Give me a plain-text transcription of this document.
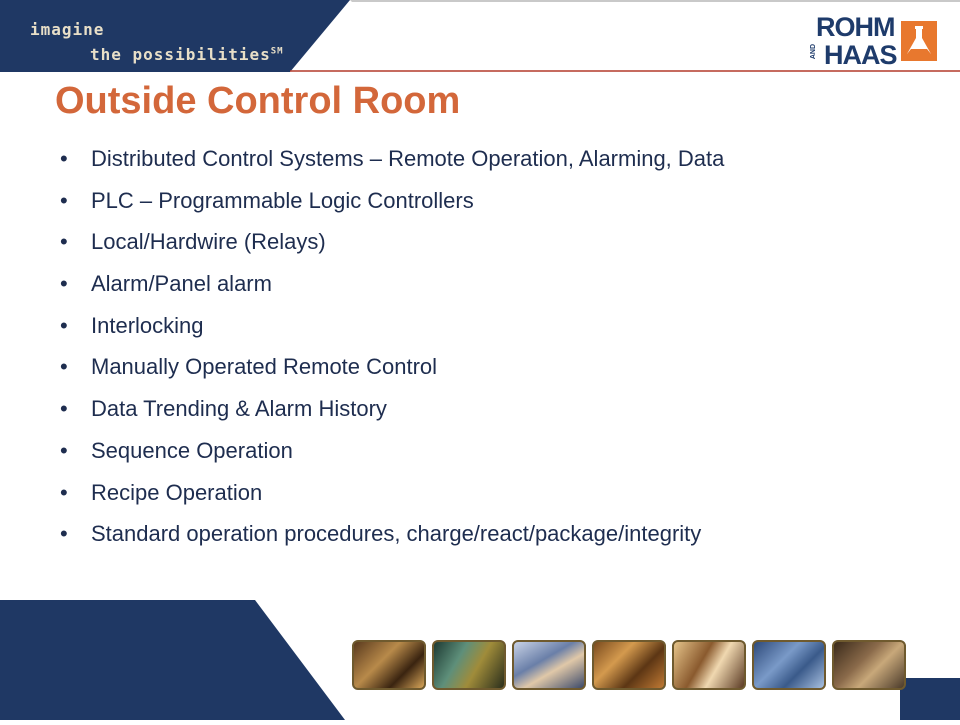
imagine
the possibilities℠
ROHM
AND HAAS
Outside Control Room
• Distributed Control Systems – Remote Operation, Alarming, Data
• PLC – Programmable Logic Controllers
• Local/Hardwire (Relays)
• Alarm/Panel alarm
• Interlocking
• Manually Operated Remote Control
• Data Trending & Alarm History
• Sequence Operation
• Recipe Operation
• Standard operation procedures, charge/react/package/integrity
